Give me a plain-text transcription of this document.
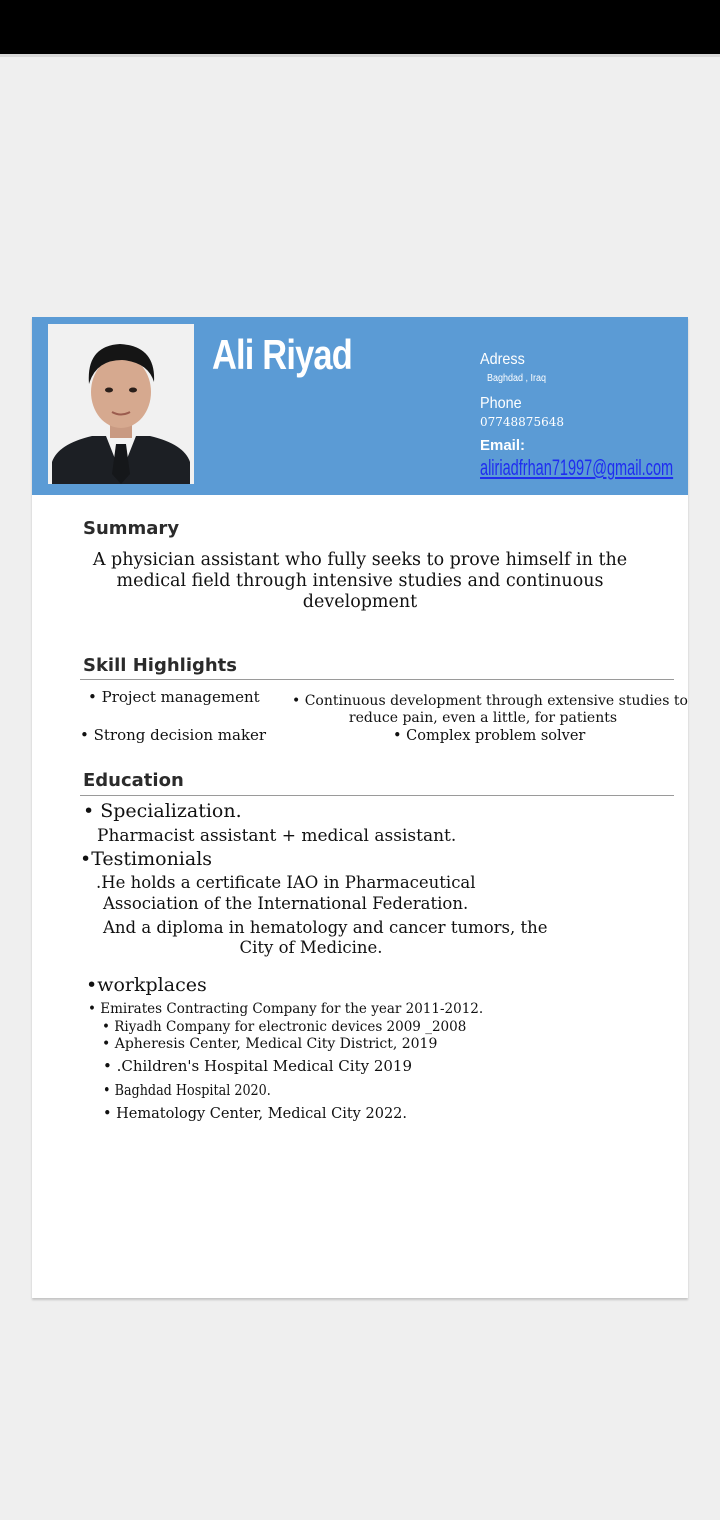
Ali Riyad	Adress
Baghdad , Iraq
Phone
07748875648
Email:
aliriadfrhan71997@gmail.com
Summary
A physician assistant who fully seeks to prove himself in the medical field through intensive studies and continuous development
Skill Highlights
• Project management • Continuous development through extensive studies to
reduce pain, even a little, for patients
• Strong decision maker	• Complex problem solver
Education
• Specialization.
Pharmacist assistant + medical assistant.
•Testimonials
.He holds a certificate IAO in Pharmaceutical
Association of the International Federation.
And a diploma in hematology and cancer tumors, the
City of Medicine.
•workplaces
• Emirates Contracting Company for the year 2011-2012.
• Riyadh Company for electronic devices 2009 _2008
• Apheresis Center, Medical City District, 2019
• .Children's Hospital Medical City 2019
• Baghdad Hospital 2020.
• Hematology Center, Medical City 2022.
